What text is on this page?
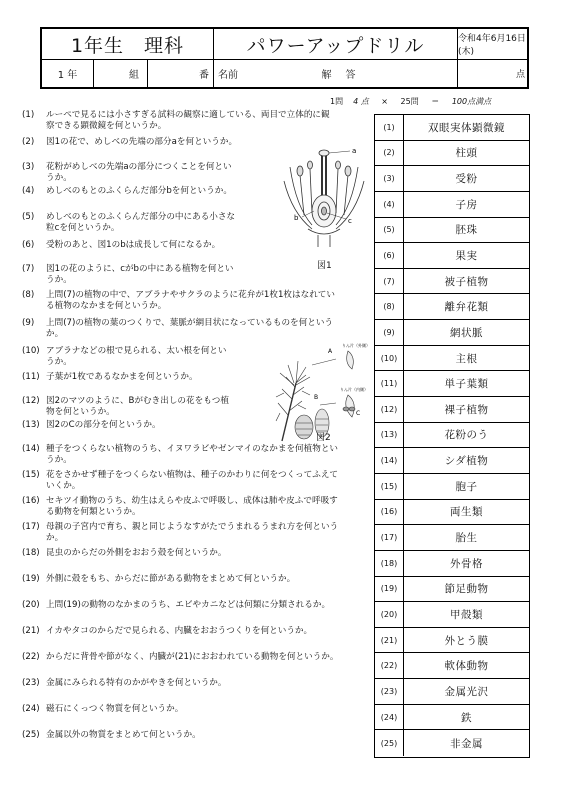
1年生　理科	パワーアップドリル	令和4年6月16日(木)
1 年	組	番 名前	解答	点
1問 4 点 × 25問 ＝ 100点満点
(1)	ルーペで見るには小さすぎる試料の観察に適している、両目で立体的に観察できる顕微鏡を何というか。
(2)	図1の花で、めしべの先端の部分aを何というか。
(3)	花粉がめしべの先端aの部分につくことを何というか。
(4)	めしべのもとのふくらんだ部分bを何というか。
(5)	めしべのもとのふくらんだ部分の中にある小さな粒cを何というか。
(6)	受粉のあと、図1のbは成長して何になるか。
(7)	図1の花のように、cがbの中にある植物を何というか。
(8)	上問(7)の植物の中で、アブラナやサクラのように花弁が1枚1枚はなれている植物のなかまを何というか。
(9)	上問(7)の植物の葉のつくりで、葉脈が網目状になっているものを何というか。
(10) アブラナなどの根で見られる、太い根を何というか。
(11) 子葉が1枚であるなかまを何というか。
(12) 図2のマツのように、Bがむき出しの花をもつ植物を何というか。
(13) 図2のCの部分を何というか。
(14) 種子をつくらない植物のうち、イヌワラビやゼンマイのなかまを何植物というか。
(15) 花をさかせず種子をつくらない植物は、種子のかわりに何をつくってふえていくか。
(16) セキツイ動物のうち、幼生はえらや皮ふで呼吸し、成体は肺や皮ふで呼吸する動物を何類というか。
(17) 母親の子宮内で育ち、親と同じようなすがたでうまれるうまれ方を何というか。
(18) 昆虫のからだの外側をおおう殻を何というか。
(19) 外側に殻をもち、からだに節がある動物をまとめて何というか。
(20) 上問(19)の動物のなかまのうち、エビやカニなどは何類に分類されるか。
(21) イカやタコのからだで見られる、内臓をおおうつくりを何というか。
(22) からだに背骨や節がなく、内臓が(21)におおわれている動物を何というか。
(23) 金属にみられる特有のかがやきを何というか。
(24) 磁石にくっつく物質を何というか。
(25) 金属以外の物質をまとめて何というか。
(1)	双眼実体顕微鏡
(2)	柱頭
(3)	受粉
(4)	子房
(5)	胚珠
(6)	果実
(7)	被子植物
(8)	離弁花類
(9)	網状脈
(10)	主根
(11)	単子葉類
(12)	裸子植物
(13)	花粉のう
(14)	シダ植物
(15)	胞子
(16)	両生類
(17)	胎生
(18)	外骨格
(19)	節足動物
(20)	甲殻類
(21)	外とう膜
(22)	軟体動物
(23)	金属光沢
(24)	鉄
(25)	非金属
a
b	c
図1
A
B
C
りん片（外側）
りん片（内側）
図2
